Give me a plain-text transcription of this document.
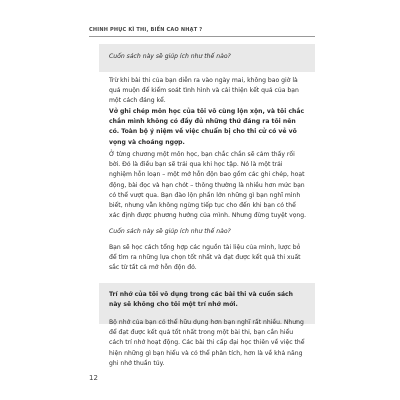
CHINH PHỤC KÌ THI, BIẾN CAO NHẠT ?

Cuốn sách này sẽ giúp ích như thế nào?

Trừ khi bài thi của bạn diễn ra vào ngày mai, không bao giờ là quá muộn để kiểm soát tình hình và cải thiện kết quả của bạn một cách đáng kể.

Vở ghi chép môn học của tôi vô cùng lộn xộn, và tôi chắc chắn mình không có đầy đủ những thứ đáng ra tôi nên có. Toàn bộ ý niệm về việc chuẩn bị cho thi cử có vẻ vô vọng và choáng ngợp.

Ở từng chương một môn học, bạn chắc chắn sẽ cảm thấy rối bời. Đó là điều bạn sẽ trải qua khi học tập. Nó là một trải nghiệm hỗn loạn – một mớ hỗn độn bao gồm các ghi chép, hoạt động, bài đọc và hạn chót – thông thường là nhiều hơn mức bạn có thể vượt qua. Bạn đào lộn phần lớn những gì bạn nghĩ mình biết, nhưng vẫn không ngừng tiếp tục cho đến khi bạn có thể xác định được phương hướng của mình. Nhưng đừng tuyệt vọng.

Cuốn sách này sẽ giúp ích như thế nào?

Bạn sẽ học cách tổng hợp các nguồn tài liệu của mình, lược bỏ để tìm ra những lựa chọn tốt nhất và đạt được kết quả thi xuất sắc từ tất cả mớ hỗn độn đó.

Trí nhớ của tôi vô dụng trong các bài thi và cuốn sách này sẽ không cho tôi một trí nhớ mới.

Bộ nhớ của bạn có thể hữu dụng hơn bạn nghĩ rất nhiều. Nhưng để đạt được kết quả tốt nhất trong một bài thi, bạn cần hiểu cách trí nhớ hoạt động. Các bài thi cấp đại học thiên về việc thể hiện những gì bạn hiểu và có thể phân tích, hơn là về khả năng ghi nhớ thuần túy.

12
